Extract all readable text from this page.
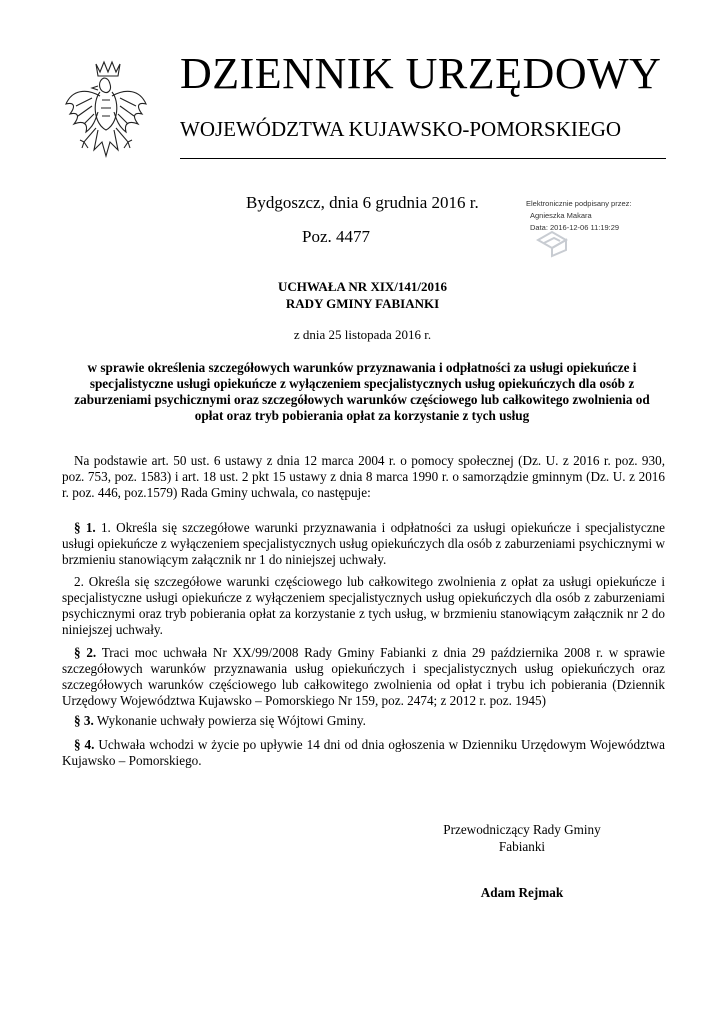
DZIENNIK URZĘDOWY
WOJEWÓDZTWA KUJAWSKO-POMORSKIEGO
Bydgoszcz, dnia 6 grudnia 2016 r.
Poz. 4477
Elektronicznie podpisany przez:
Agnieszka Makara
Data: 2016-12-06 11:19:29
UCHWAŁA NR XIX/141/2016
RADY GMINY FABIANKI
z dnia 25 listopada 2016 r.
w sprawie określenia szczegółowych warunków przyznawania i odpłatności za usługi opiekuńcze i specjalistyczne usługi opiekuńcze z wyłączeniem specjalistycznych usług opiekuńczych dla osób z zaburzeniami psychicznymi oraz szczegółowych warunków częściowego lub całkowitego zwolnienia od opłat oraz tryb pobierania opłat za korzystanie z tych usług
Na podstawie art. 50 ust. 6 ustawy z dnia 12 marca 2004 r. o pomocy społecznej (Dz. U. z 2016 r. poz. 930, poz. 753, poz. 1583) i art. 18 ust. 2 pkt 15 ustawy z dnia 8 marca 1990 r. o samorządzie gminnym (Dz. U. z 2016 r. poz. 446, poz.1579) Rada Gminy uchwala, co następuje:
§ 1. 1. Określa się szczegółowe warunki przyznawania i odpłatności za usługi opiekuńcze i specjalistyczne usługi opiekuńcze z wyłączeniem specjalistycznych usług opiekuńczych dla osób z zaburzeniami psychicznymi w brzmieniu stanowiącym załącznik nr 1 do niniejszej uchwały.
2. Określa się szczegółowe warunki częściowego lub całkowitego zwolnienia z opłat za usługi opiekuńcze i specjalistyczne usługi opiekuńcze z wyłączeniem specjalistycznych usług opiekuńczych dla osób z zaburzeniami psychicznymi oraz tryb pobierania opłat za korzystanie z tych usług, w brzmieniu stanowiącym załącznik nr 2 do niniejszej uchwały.
§ 2. Traci moc uchwała Nr XX/99/2008 Rady Gminy Fabianki z dnia 29 października 2008 r. w sprawie szczegółowych warunków przyznawania usług opiekuńczych i specjalistycznych usług opiekuńczych oraz szczegółowych warunków częściowego lub całkowitego zwolnienia od opłat i trybu ich pobierania (Dziennik Urzędowy Województwa Kujawsko – Pomorskiego Nr 159, poz. 2474; z 2012 r. poz. 1945)
§ 3. Wykonanie uchwały powierza się Wójtowi Gminy.
§ 4. Uchwała wchodzi w życie po upływie 14 dni od dnia ogłoszenia w Dzienniku Urzędowym Województwa Kujawsko – Pomorskiego.
Przewodniczący Rady Gminy
Fabianki
Adam Rejmak
